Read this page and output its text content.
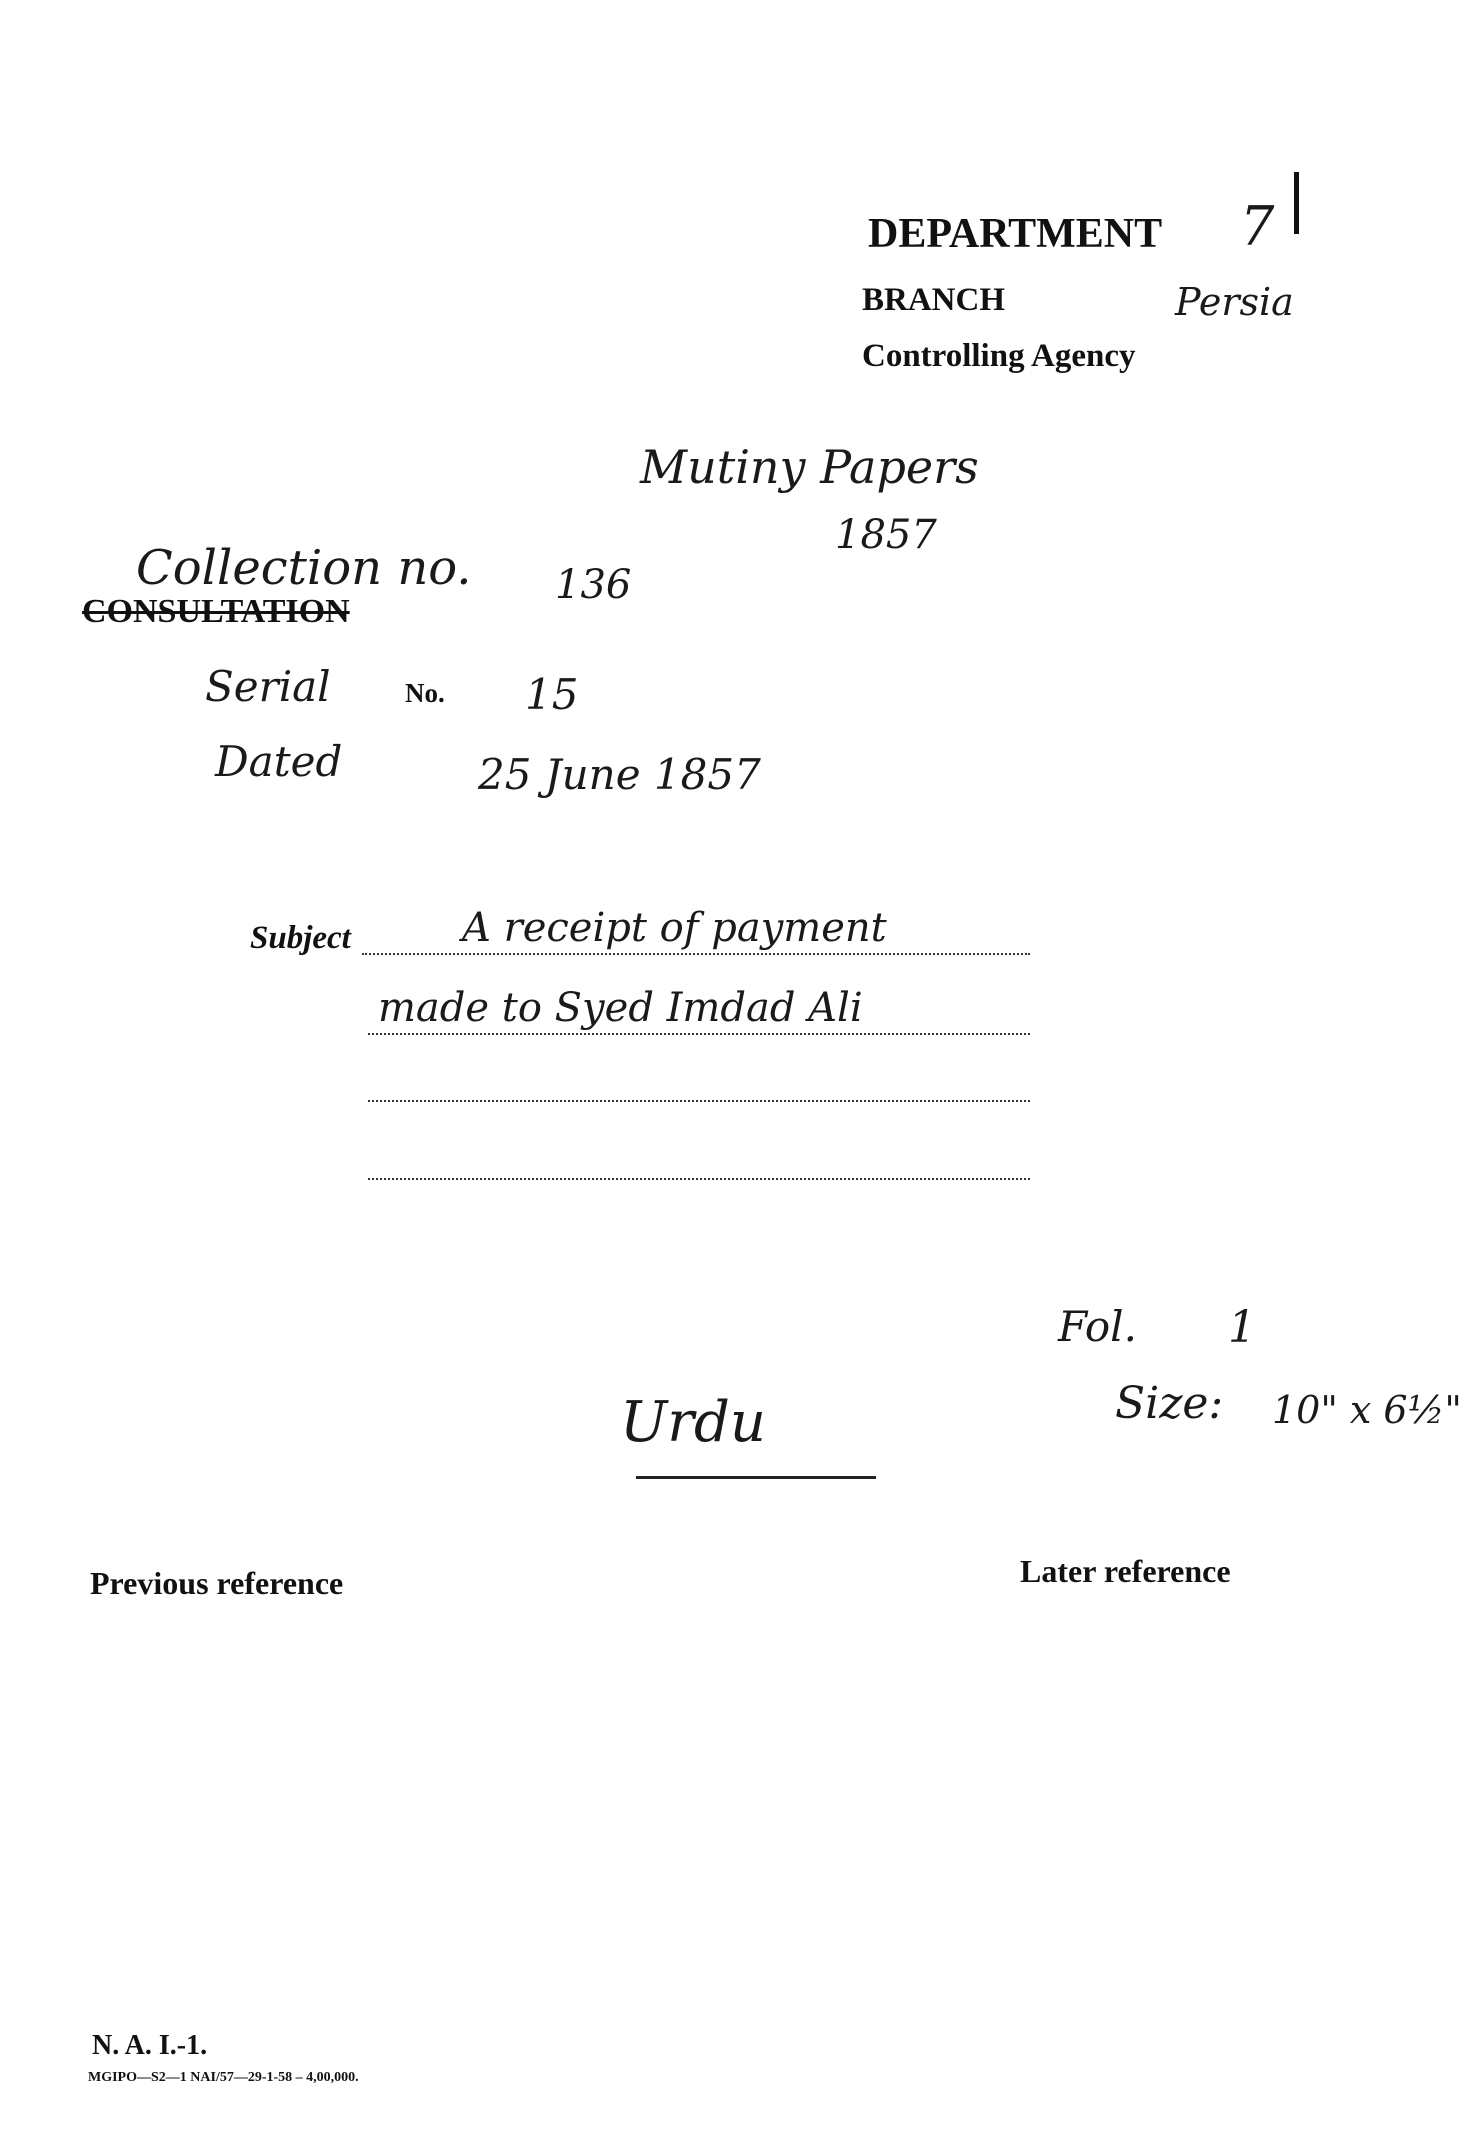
DEPARTMENT 7
BRANCH	Persia
Controlling Agency
Mutiny Papers
1857
Collection no. 136
CONSULTATION
Serial	No. 15
Dated	25 June 1857
Subject	A receipt of payment
made to Syed Imdad Ali
Fol. 1
Size: 10" x 6½"
Urdu
Previous reference	Later reference
N. A. I.-1.
MGIPO—S2—1 NAI/57—29-1-58 – 4,00,000.
